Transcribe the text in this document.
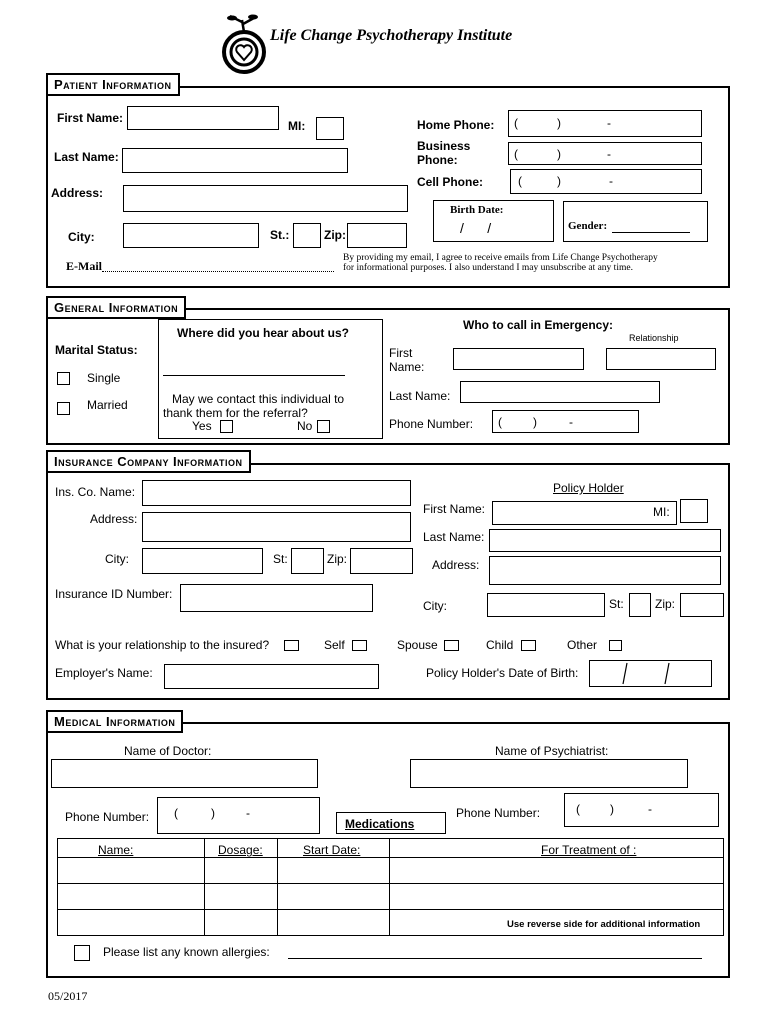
Life Change Psychotherapy Institute
Patient Information
First Name:
MI:
Last Name:
Address:
City:	St.:	Zip:
E-Mail
Home Phone: (	)	-
Business
Phone:	(	)	-
Cell Phone:	(	)	-
Birth Date:
/      /	Gender:
By providing my email, I agree to receive emails from Life Change Psychotherapy
for informational purposes. I also understand I may unsubscribe at any time.
General Information
Marital Status:
Single
Married
Where did you hear about us?
May we contact this individual to
thank them for the referral?
Yes	No
Who to call in Emergency:
Relationship
First
Name:
Last Name:
Phone Number: (	)	-
Insurance Company Information
Ins. Co. Name:
Address:
City:	St:	Zip:
Insurance ID Number:
Policy Holder
First Name:	MI:
Last Name:
Address:
City:	St:	Zip:
What is your relationship to the insured?	Self	Spouse	Child	Other
Employer's Name:	Policy Holder's Date of Birth:
Medical Information
Name of Doctor:	Name of Psychiatrist:
Phone Number: (	)	-
Medications
Phone Number:	(	)	-
Name:	Dosage:	Start Date:	For Treatment of :
Use reverse side for additional information
Please list any known allergies:
05/2017
